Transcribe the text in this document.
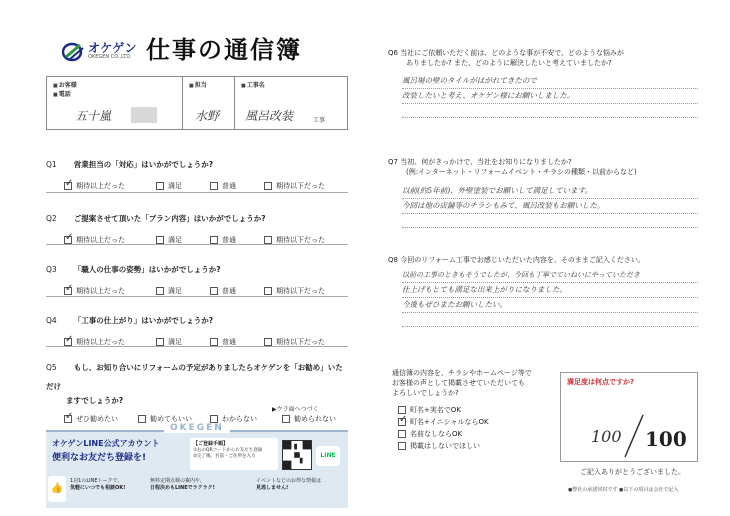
オケゲン
OKEGEN CO.,LTD. 仕事の通信簿
■ お客様
■ 電話
五十嵐
■ 担当
水野
■ 工事名
風呂改装	工事
Q1 営業担当の「対応」はいかがでしょうか?
✓
期待以上だった	満足	普通	期待以下だった
Q2 ご提案させて頂いた「プラン内容」はいかがでしょうか?
✓
期待以上だった	満足	普通	期待以下だった
Q3 「職人の仕事の姿勢」はいかがでしょうか?
✓
期待以上だった	満足	普通	期待以下だった
Q4 「工事の仕上がり」はいかがでしょうか?
✓
期待以上だった	満足	普通	期待以下だった
Q5 もし、お知り合いにリフォームの予定がありましたらオケゲンを「お勧め」いただけ
ますでしょうか?
✓
ぜひ勧めたい	勧めてもいい	わからない	勧められない
▶ウラ面へつづく
OKEGEN
オケゲンLINE公式アカウント
便利なお友だち登録を!
【ご登録手順】
①右のQRコードからお友だち登録
②完了後、名前・ご住所を入力	LINE
👍
1対1のLINEトークで、
気軽にいつでも相談OK!
無料定期点検の案内や、
日程決めもLINEでラクラク!
イベントなどのお得な情報は
見逃しません!
Q6 当社にご依頼いただく前は、どのような事が不安で、どのような悩みが
ありましたか? また、どのように解決したいと考えていましたか?
風呂場の壁のタイルがはがれてきたので
改装したいと考え、オケゲン様にお願いしました。
Q7 当初、何がきっかけで、当社をお知りになりましたか?
(例:インターネット・リフォームイベント・チラシの種類・以前からなど)
以前(約5年前)、外壁塗装でお願いして満足しています。
今回は他の店舗等のチラシもみて、風呂改装もお願いした。
Q8 今回のリフォーム工事でお感じいただいた内容を、そのままご記入ください。
以前の工事のときもそうでしたが、今回も丁寧でていねいにやっていただき
仕上げもとても満足な出来上がりになりました。
今後もぜひまたお願いしたい。
通信簿の内容を、チラシやホームページ等で
お客様の声として掲載させていただいても
よろしいでしょうか?
町名+実名でOK
✓
町名+イニシャルならOK
名前なしならOK
掲載はしないでほしい
満足度は何点ですか?
100 100
ご記入ありがとうございました。
●弊社の承諾同封です ●以下の項目は会社で記入
